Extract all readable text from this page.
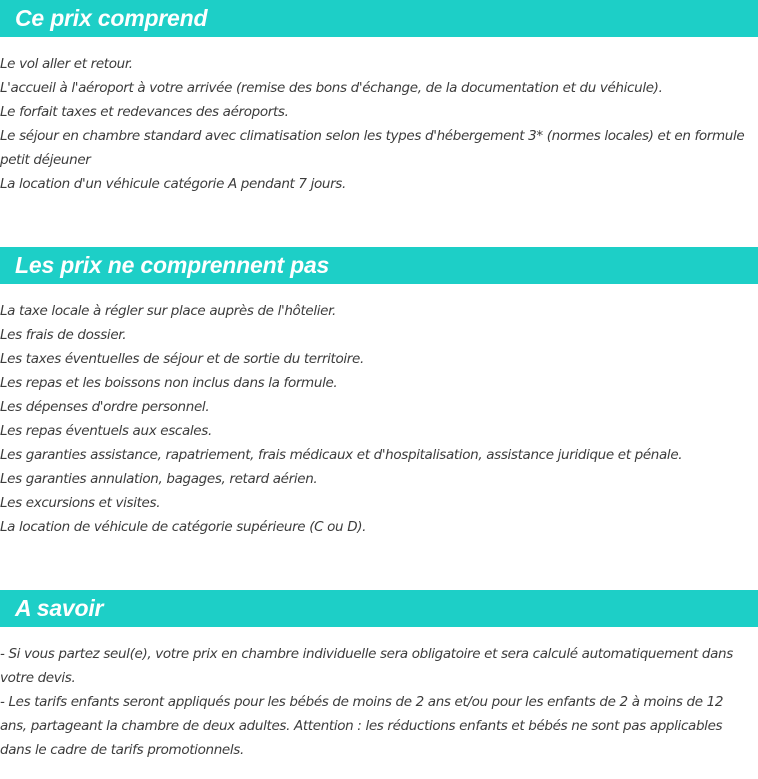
Ce prix comprend

Le vol aller et retour.

L'accueil à l'aéroport à votre arrivée (remise des bons d'échange, de la documentation et du véhicule).

Le forfait taxes et redevances des aéroports.

Le séjour en chambre standard avec climatisation selon les types d'hébergement 3* (normes locales) et en formule petit déjeuner

La location d'un véhicule catégorie A pendant 7 jours.

Les prix ne comprennent pas

La taxe locale à régler sur place auprès de l'hôtelier.

Les frais de dossier.

Les taxes éventuelles de séjour et de sortie du territoire.

Les repas et les boissons non inclus dans la formule.

Les dépenses d'ordre personnel.

Les repas éventuels aux escales.

Les garanties assistance, rapatriement, frais médicaux et d'hospitalisation, assistance juridique et pénale.

Les garanties annulation, bagages, retard aérien.

Les excursions et visites.

La location de véhicule de catégorie supérieure (C ou D).

A savoir

- Si vous partez seul(e), votre prix en chambre individuelle sera obligatoire et sera calculé automatiquement dans votre devis.

- Les tarifs enfants seront appliqués pour les bébés de moins de 2 ans et/ou pour les enfants de 2 à moins de 12 ans, partageant la chambre de deux adultes. Attention : les réductions enfants et bébés ne sont pas applicables dans le cadre de tarifs promotionnels.
